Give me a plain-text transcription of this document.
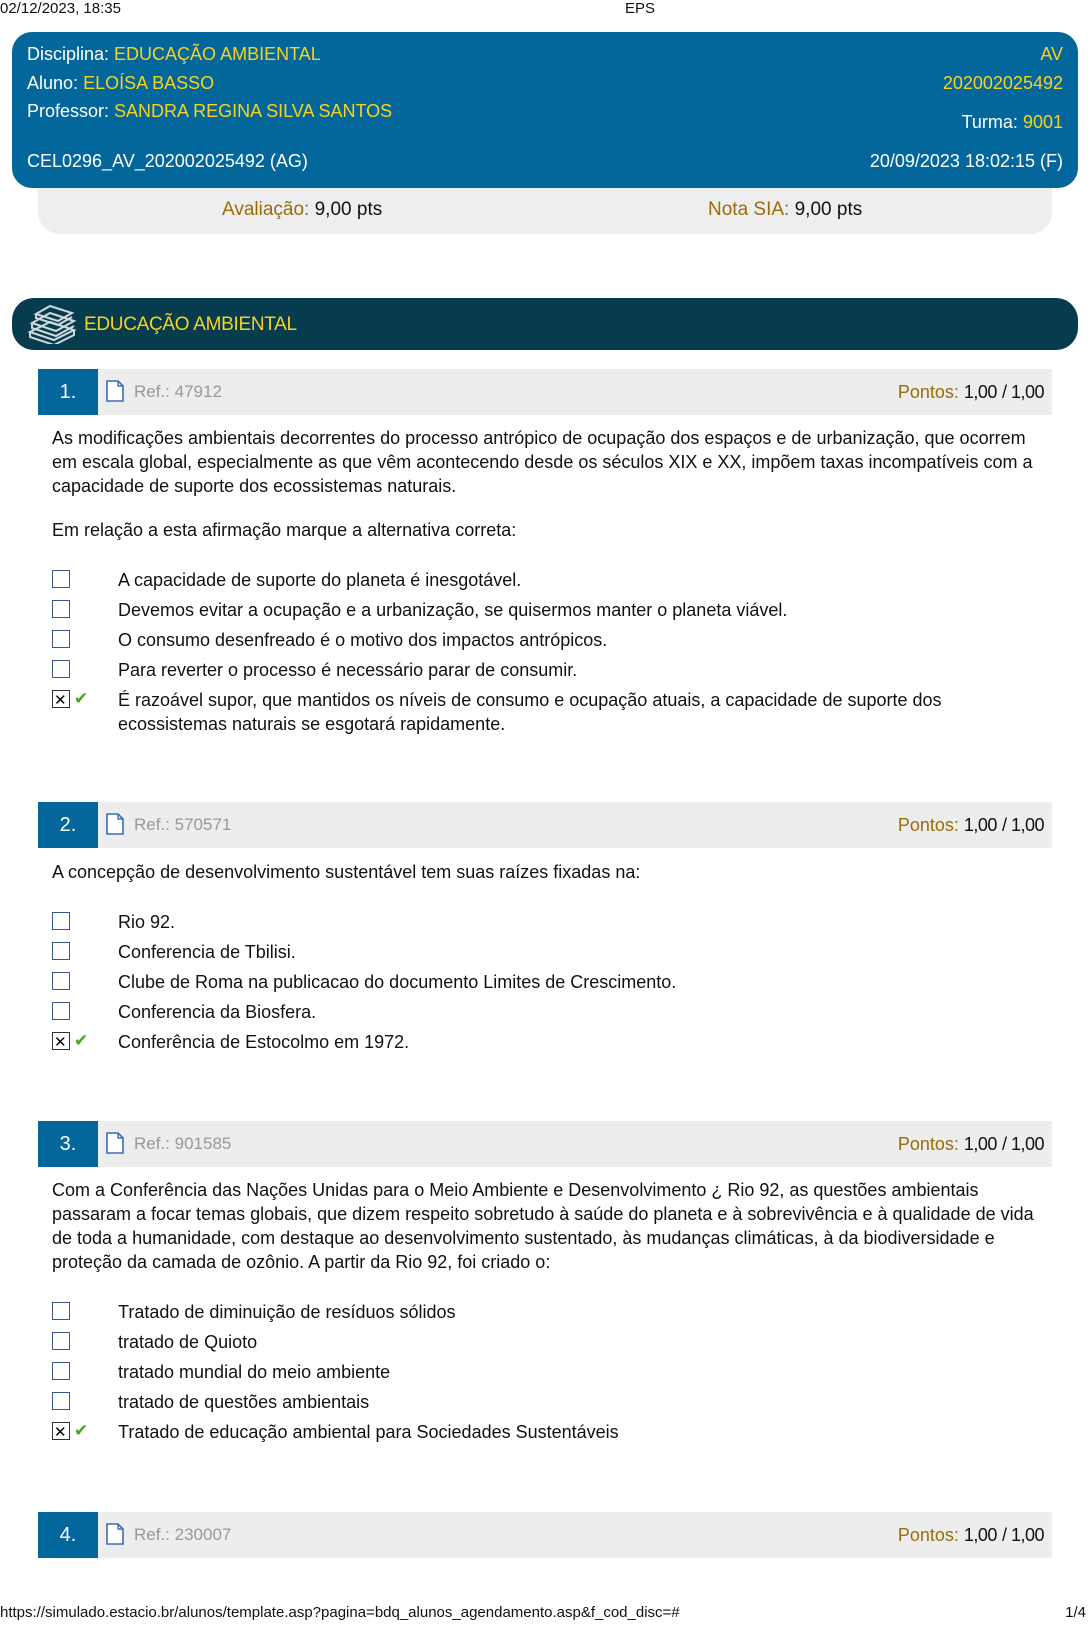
02/12/2023, 18:35	EPS
Disciplina: EDUCAÇÃO AMBIENTAL
Aluno: ELOÍSA BASSO
Professor: SANDRA REGINA SILVA SANTOS
AV
202002025492
Turma: 9001
CEL0296_AV_202002025492 (AG)	20/09/2023 18:02:15 (F)
Avaliação: 9,00 pts	Nota SIA: 9,00 pts
EDUCAÇÃO AMBIENTAL
1.	Ref.: 47912	Pontos: 1,00 / 1,00
As modificações ambientais decorrentes do processo antrópico de ocupação dos espaços e de urbanização, que ocorrem em escala global, especialmente as que vêm acontecendo desde os séculos XIX e XX, impõem taxas incompatíveis com a capacidade de suporte dos ecossistemas naturais.
Em relação a esta afirmação marque a alternativa correta:
A capacidade de suporte do planeta é inesgotável.
Devemos evitar a ocupação e a urbanização, se quisermos manter o planeta viável.
O consumo desenfreado é o motivo dos impactos antrópicos.
Para reverter o processo é necessário parar de consumir.
✕
✔ É razoável supor, que mantidos os níveis de consumo e ocupação atuais, a capacidade de suporte dos ecossistemas naturais se esgotará rapidamente.
2.	Ref.: 570571	Pontos: 1,00 / 1,00
A concepção de desenvolvimento sustentável tem suas raízes fixadas na:
Rio 92.
Conferencia de Tbilisi.
Clube de Roma na publicacao do documento Limites de Crescimento.
Conferencia da Biosfera.
✕
✔ Conferência de Estocolmo em 1972.
3.	Ref.: 901585	Pontos: 1,00 / 1,00
Com a Conferência das Nações Unidas para o Meio Ambiente e Desenvolvimento ¿ Rio 92, as questões ambientais passaram a focar temas globais, que dizem respeito sobretudo à saúde do planeta e à sobrevivência e à qualidade de vida de toda a humanidade, com destaque ao desenvolvimento sustentado, às mudanças climáticas, à da biodiversidade e proteção da camada de ozônio. A partir da Rio 92, foi criado o:
Tratado de diminuição de resíduos sólidos
tratado de Quioto
tratado mundial do meio ambiente
tratado de questões ambientais
✕
✔ Tratado de educação ambiental para Sociedades Sustentáveis
4.	Ref.: 230007	Pontos: 1,00 / 1,00
https://simulado.estacio.br/alunos/template.asp?pagina=bdq_alunos_agendamento.asp&f_cod_disc=#	1/4
